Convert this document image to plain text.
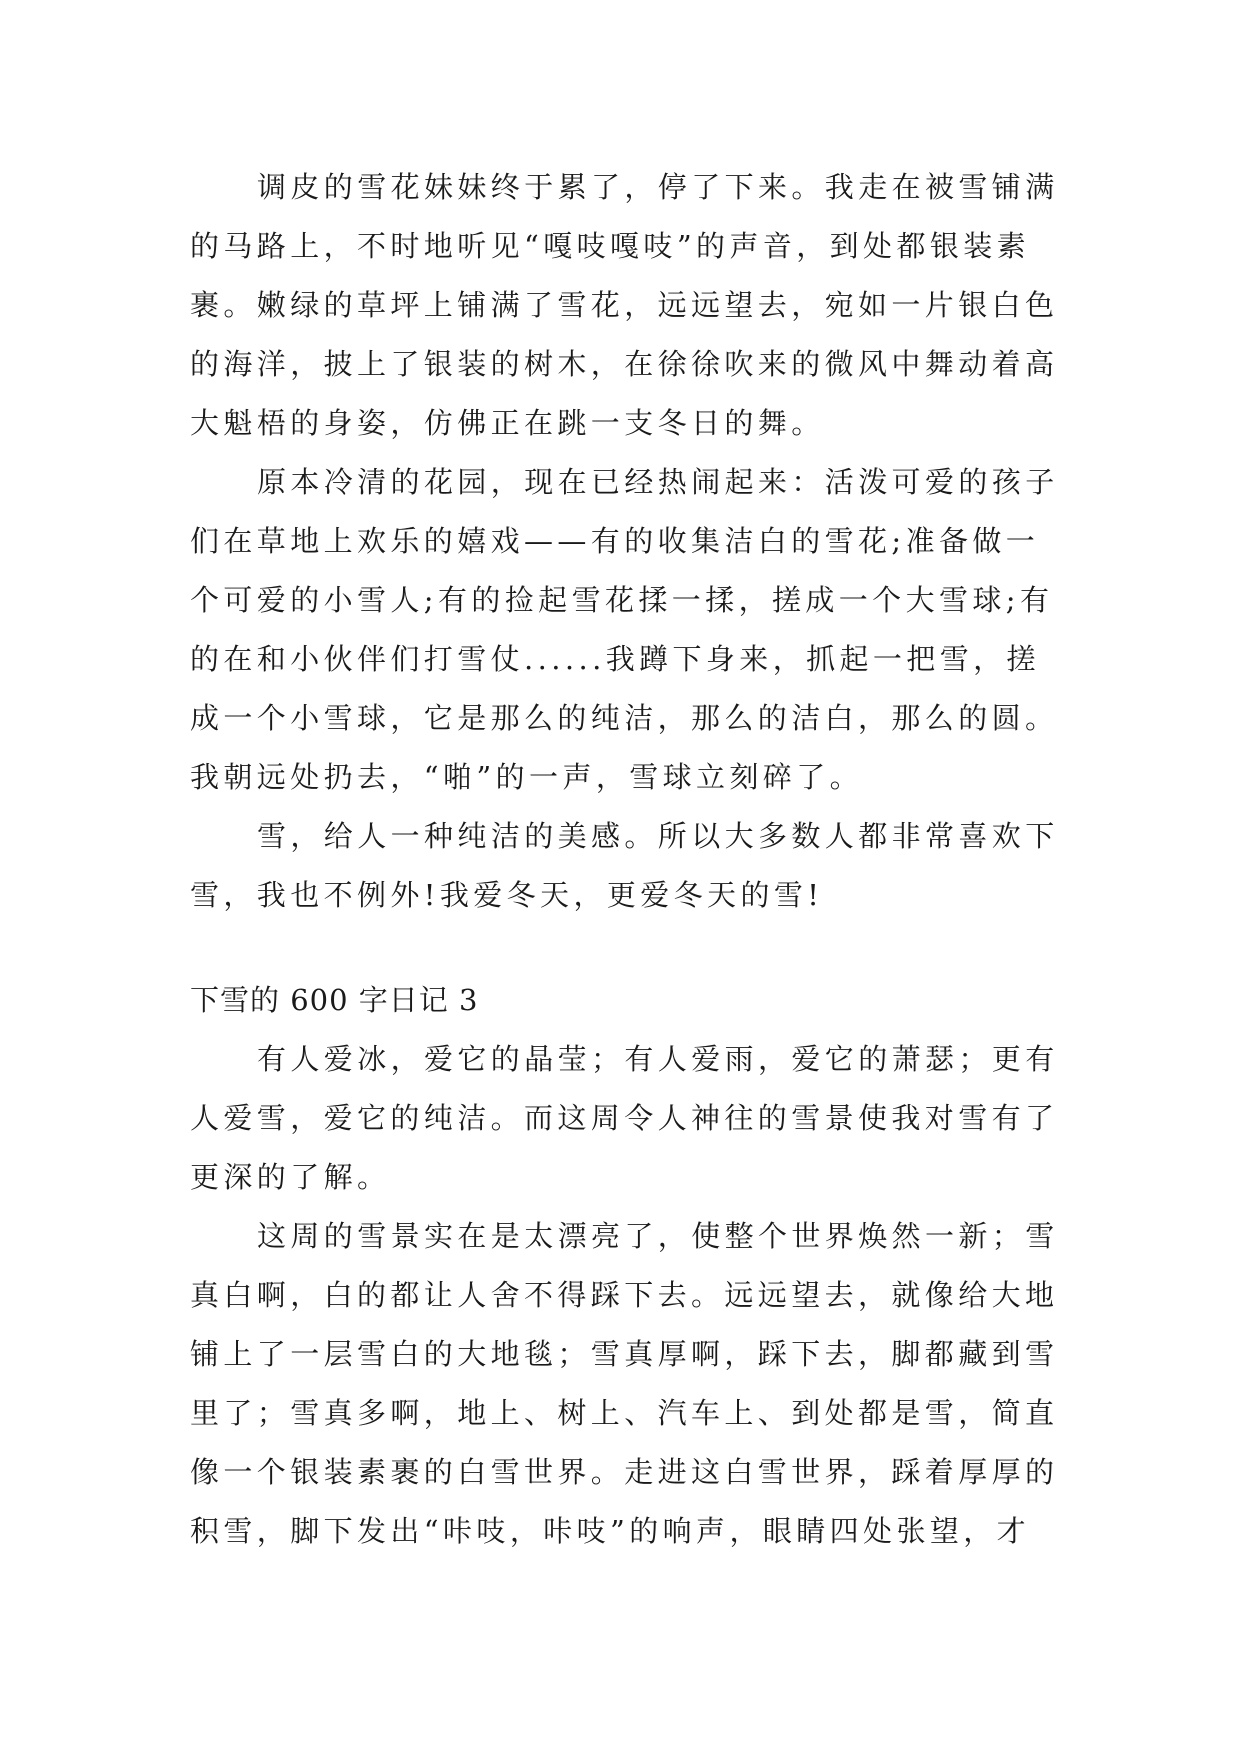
调皮的雪花妹妹终于累了，停了下来。我走在被雪铺满
的马路上，不时地听见“嘎吱嘎吱”的声音，到处都银装素
裹。嫩绿的草坪上铺满了雪花，远远望去，宛如一片银白色
的海洋，披上了银装的树木，在徐徐吹来的微风中舞动着高
大魁梧的身姿，仿佛正在跳一支冬日的舞。

原本冷清的花园，现在已经热闹起来：活泼可爱的孩子
们在草地上欢乐的嬉戏——有的收集洁白的雪花;准备做一
个可爱的小雪人;有的捡起雪花揉一揉，搓成一个大雪球;有
的在和小伙伴们打雪仗......我蹲下身来，抓起一把雪，搓
成一个小雪球，它是那么的纯洁，那么的洁白，那么的圆。
我朝远处扔去，“啪”的一声，雪球立刻碎了。

雪，给人一种纯洁的美感。所以大多数人都非常喜欢下
雪，我也不例外!我爱冬天，更爱冬天的雪!

下雪的 600 字日记 3

有人爱冰，爱它的晶莹；有人爱雨，爱它的萧瑟；更有
人爱雪，爱它的纯洁。而这周令人神往的雪景使我对雪有了
更深的了解。

这周的雪景实在是太漂亮了，使整个世界焕然一新；雪
真白啊，白的都让人舍不得踩下去。远远望去，就像给大地
铺上了一层雪白的大地毯；雪真厚啊，踩下去，脚都藏到雪
里了；雪真多啊，地上、树上、汽车上、到处都是雪，简直
像一个银装素裹的白雪世界。走进这白雪世界，踩着厚厚的
积雪，脚下发出“咔吱，咔吱”的响声，眼睛四处张望，才
